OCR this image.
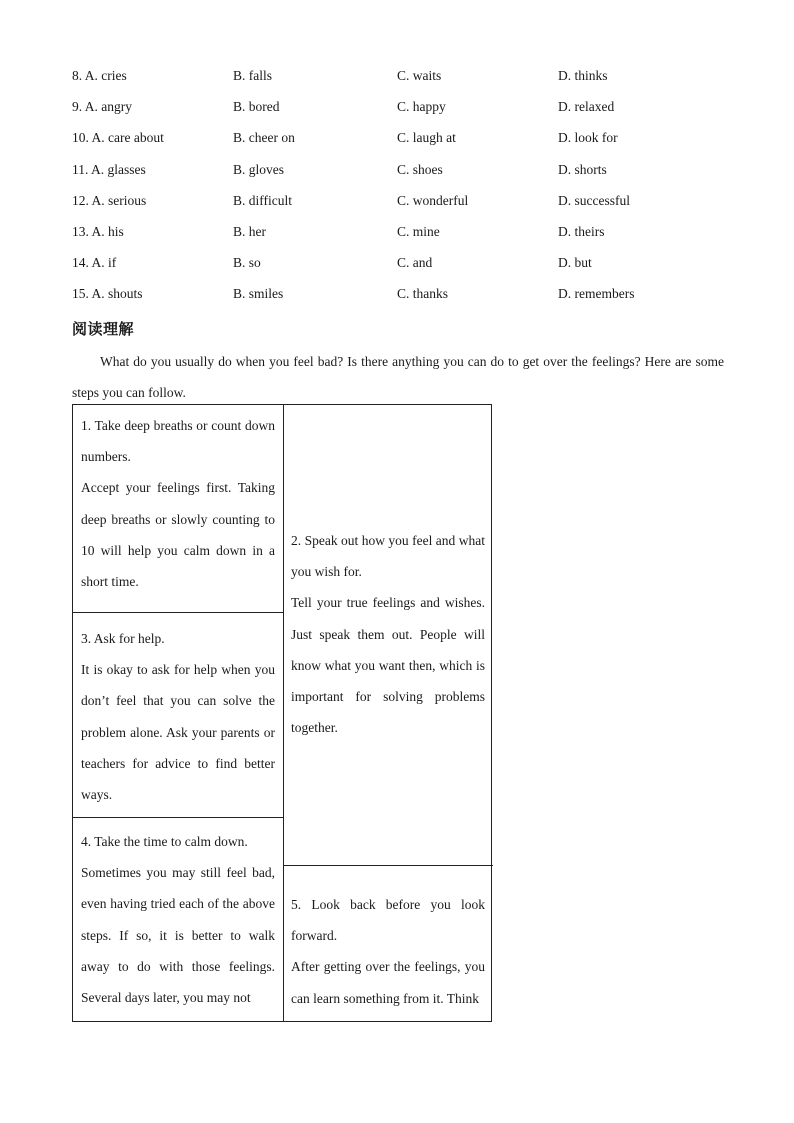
8. A. cries	B. falls	C. waits	D. thinks
9. A. angry	B. bored	C. happy	D. relaxed
10. A. care about	B. cheer on	C. laugh at	D. look for
11. A. glasses	B. gloves	C. shoes	D. shorts
12. A. serious	B. difficult	C. wonderful	D. successful
13. A. his	B. her	C. mine	D. theirs
14. A. if	B. so	C. and	D. but
15. A. shouts	B. smiles	C. thanks	D. remembers
阅读理解
What do you usually do when you feel bad? Is there anything you can do to get over the feelings? Here are some steps you can follow.

1. Take deep breaths or count down numbers.

Accept your feelings first. Taking deep breaths or slowly counting to 10 will help you calm down in a short time.

2. Speak out how you feel and what you wish for.

Tell your true feelings and wishes. Just speak them out. People will know what you want then, which is important for solving problems together.

3. Ask for help.

It is okay to ask for help when you don’t feel that you can solve the problem alone. Ask your parents or teachers for advice to find better ways.

4. Take the time to calm down.

Sometimes you may still feel bad, even having tried each of the above steps. If so, it is better to walk away to do with those feelings. Several days later, you may not

5. Look back before you look forward.

After getting over the feelings, you can learn something from it. Think
